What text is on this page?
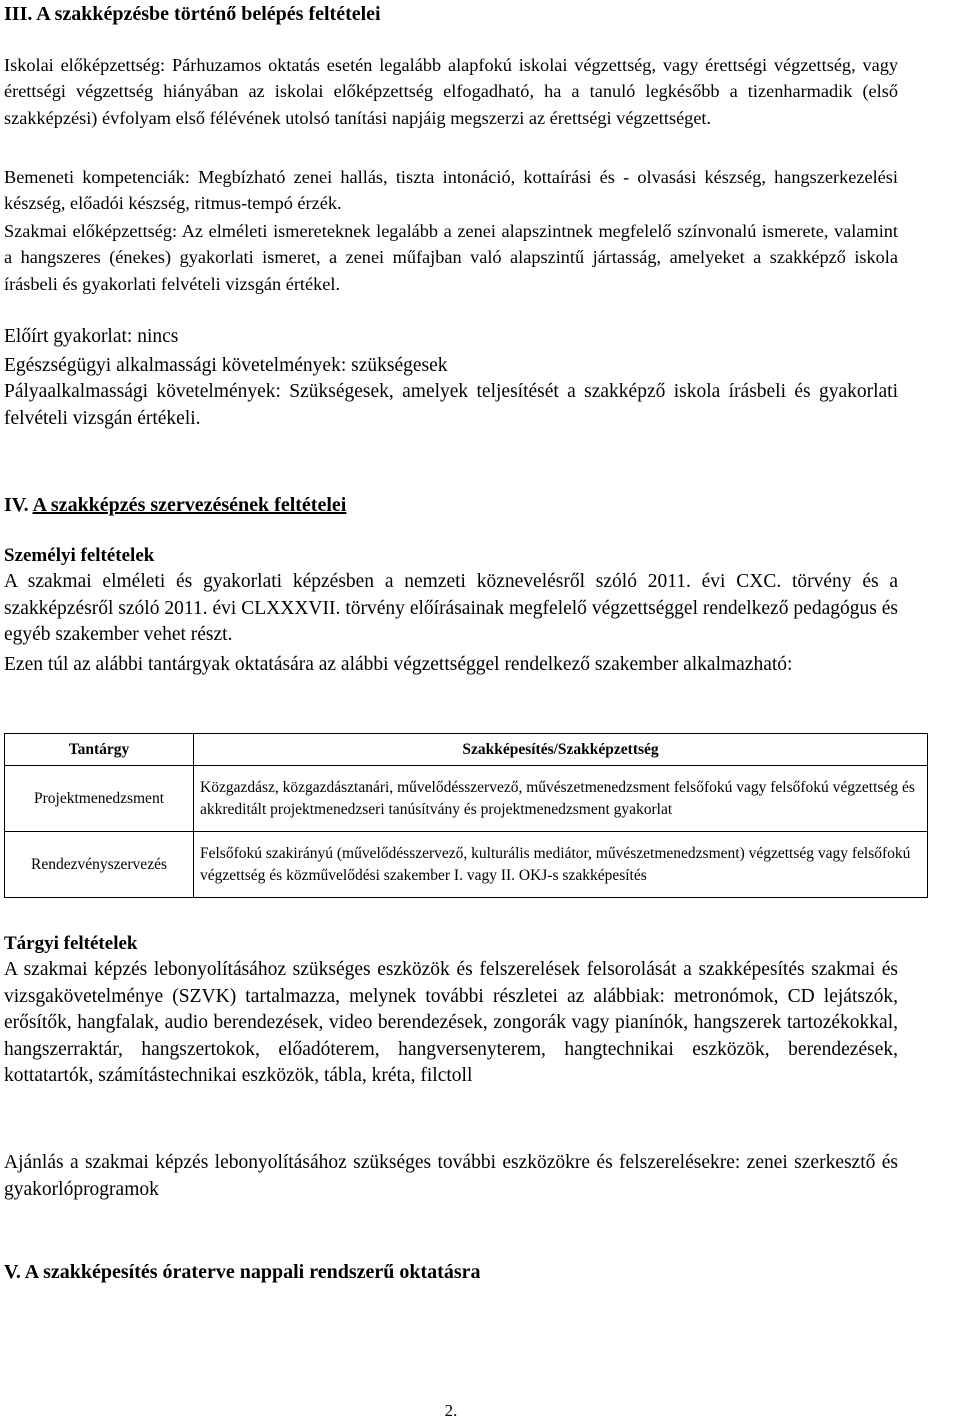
III. A szakképzésbe történő belépés feltételei

Iskolai előképzettség: Párhuzamos oktatás esetén legalább alapfokú iskolai végzettség, vagy érettségi végzettség, vagy érettségi végzettség hiányában az iskolai előképzettség elfogadható, ha a tanuló legkésőbb a tizenharmadik (első szakképzési) évfolyam első félévének utolsó tanítási napjáig megszerzi az érettségi végzettséget.

Bemeneti kompetenciák: Megbízható zenei hallás, tiszta intonáció, kottaírási és - olvasási készség, hangszerkezelési készség, előadói készség, ritmus-tempó érzék.

Szakmai előképzettség: Az elméleti ismereteknek legalább a zenei alapszintnek megfelelő színvonalú ismerete, valamint a hangszeres (énekes) gyakorlati ismeret, a zenei műfajban való alapszintű jártasság, amelyeket a szakképző iskola írásbeli és gyakorlati felvételi vizsgán értékel.

Előírt gyakorlat: nincs
Egészségügyi alkalmassági követelmények: szükségesek

Pályaalkalmassági követelmények: Szükségesek, amelyek teljesítését a szakképző iskola írásbeli és gyakorlati felvételi vizsgán értékeli.

IV. A szakképzés szervezésének feltételei
Személyi feltételek

A szakmai elméleti és gyakorlati képzésben a nemzeti köznevelésről szóló 2011. évi CXC. törvény és a szakképzésről szóló 2011. évi CLXXXVII. törvény előírásainak megfelelő végzettséggel rendelkező pedagógus és egyéb szakember vehet részt.

Ezen túl az alábbi tantárgyak oktatására az alábbi végzettséggel rendelkező szakember alkalmazható:

Tantárgy	Szakképesítés/Szakképzettség
Projektmenedzsment	Közgazdász, közgazdásztanári, művelődésszervező, művészetmenedzsment felsőfokú vagy felsőfokú végzettség és akkreditált projektmenedzseri tanúsítvány és projektmenedzsment gyakorlat
Rendezvényszervezés	Felsőfokú szakirányú (művelődésszervező, kulturális mediátor, művészetmenedzsment) végzettség vagy felsőfokú végzettség és közművelődési szakember I. vagy II. OKJ-s szakképesítés
Tárgyi feltételek

A szakmai képzés lebonyolításához szükséges eszközök és felszerelések felsorolását a szakképesítés szakmai és vizsgakövetelménye (SZVK) tartalmazza, melynek további részletei az alábbiak: metronómok, CD lejátszók, erősítők, hangfalak, audio berendezések, video berendezések, zongorák vagy pianínók, hangszerek tartozékokkal, hangszerraktár, hangszertokok, előadóterem, hangversenyterem, hangtechnikai eszközök, berendezések, kottatartók, számítástechnikai eszközök, tábla, kréta, filctoll

Ajánlás a szakmai képzés lebonyolításához szükséges további eszközökre és felszerelésekre: zenei szerkesztő és gyakorlóprogramok

V. A szakképesítés óraterve nappali rendszerű oktatásra
2.
